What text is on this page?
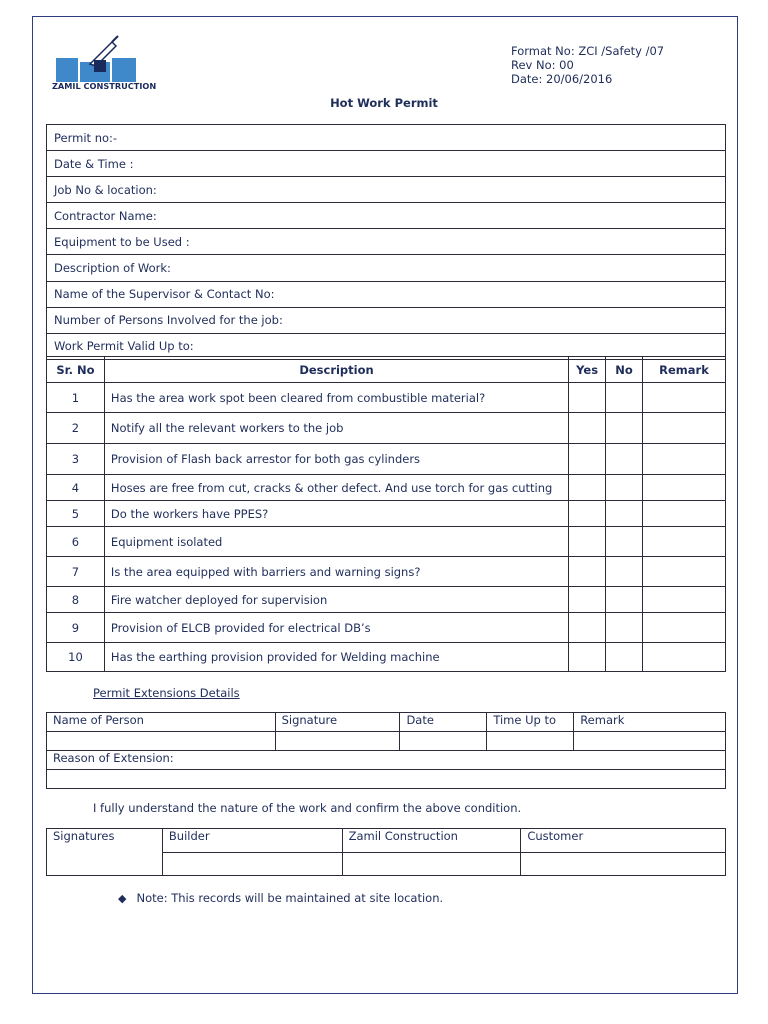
ZAMIL CONSTRUCTION
Format No: ZCI /Safety /07
Rev No: 00
Date: 20/06/2016
Hot Work Permit
Permit no:-
Date & Time :
Job No & location:
Contractor Name:
Equipment to be Used :
Description of Work:
Name of the Supervisor & Contact No:
Number of Persons Involved for the job:
Work Permit Valid Up to:
Sr. No	Description	Yes	No	Remark
1	Has the area work spot been cleared from combustible material?			
2	Notify all the relevant workers to the job			
3	Provision of Flash back arrestor for both gas cylinders			
4	Hoses are free from cut, cracks & other defect. And use torch for gas cutting			
5	Do the workers have PPES?			
6	Equipment isolated			
7	Is the area equipped with barriers and warning signs?			
8	Fire watcher deployed for supervision			
9	Provision of ELCB provided for electrical DB’s			
10	Has the earthing provision provided for Welding machine			
Permit Extensions Details
Name of Person	Signature	Date	Time Up to	Remark

Reason of Extension:				

I fully understand the nature of the work and confirm the above condition.
Signatures	Builder	Zamil Construction	Customer

◆ Note: This records will be maintained at site location.
